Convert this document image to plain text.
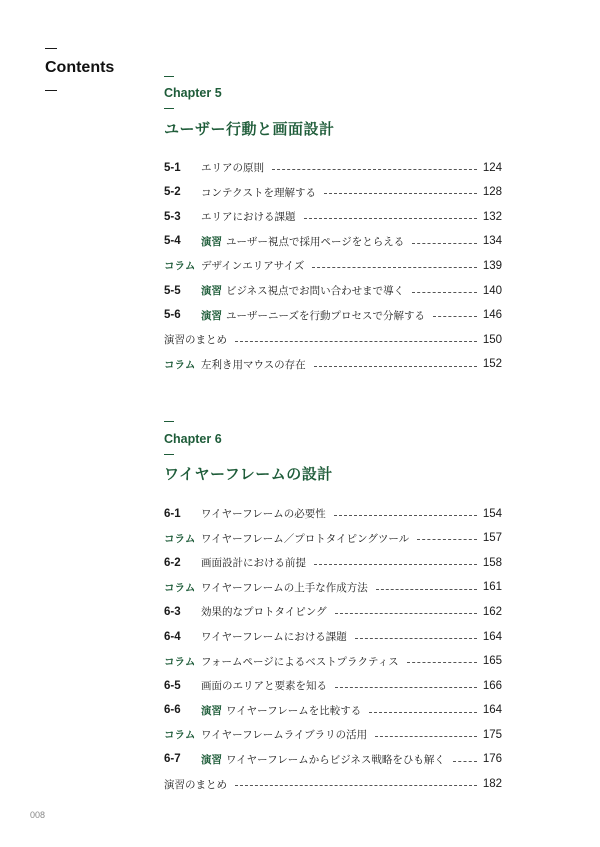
Contents
Chapter 5
ユーザー行動と画面設計
5-1	エリアの原則	124
5-2	コンテクストを理解する	128
5-3	エリアにおける課題	132
5-4	演習 ユーザー視点で採用ページをとらえる	134
コラム デザインエリアサイズ	139
5-5	演習 ビジネス視点でお問い合わせまで導く	140
5-6	演習 ユーザーニーズを行動プロセスで分解する	146
演習のまとめ	150
コラム 左利き用マウスの存在	152
Chapter 6
ワイヤーフレームの設計
6-1	ワイヤーフレームの必要性	154
コラム ワイヤーフレーム／プロトタイピングツール	157
6-2	画面設計における前提	158
コラム ワイヤーフレームの上手な作成方法	161
6-3	効果的なプロトタイピング	162
6-4	ワイヤーフレームにおける課題	164
コラム フォームページによるベストプラクティス	165
6-5	画面のエリアと要素を知る	166
6-6	演習 ワイヤーフレームを比較する	164
コラム ワイヤーフレームライブラリの活用	175
6-7	演習 ワイヤーフレームからビジネス戦略をひも解く	176
演習のまとめ	182
008
